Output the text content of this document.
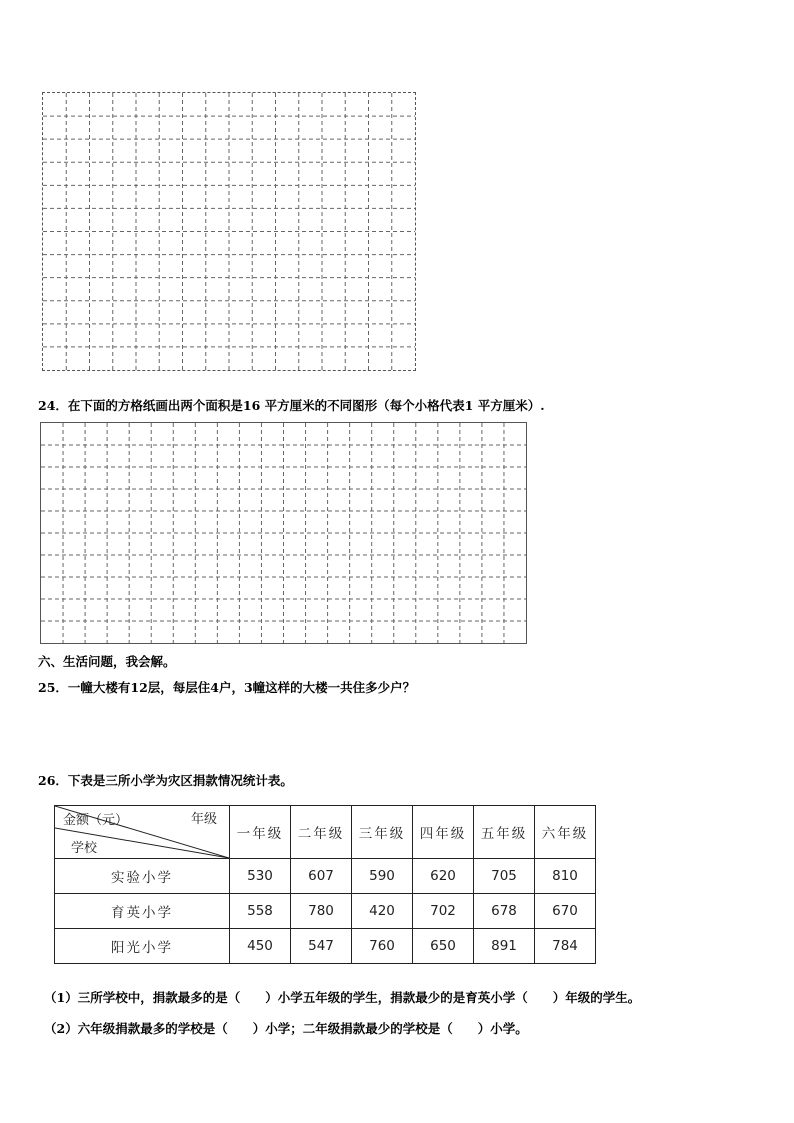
24．在下面的方格纸画出两个面积是16 平方厘米的不同图形（每个小格代表1 平方厘米）.
六、生活问题，我会解。
25．一幢大楼有12层，每层住4户，3幢这样的大楼一共住多少户？
26．下表是三所小学为灾区捐款情况统计表。
金额（元） 年级
学校	一年级	二年级	三年级	四年级	五年级	六年级
实验小学	530	607	590	620	705	810
育英小学	558	780	420	702	678	670
阳光小学	450	547	760	650	891	784
（1）三所学校中，捐款最多的是（　　）小学五年级的学生，捐款最少的是育英小学（　　）年级的学生。
（2）六年级捐款最多的学校是（　　）小学；二年级捐款最少的学校是（　　）小学。
